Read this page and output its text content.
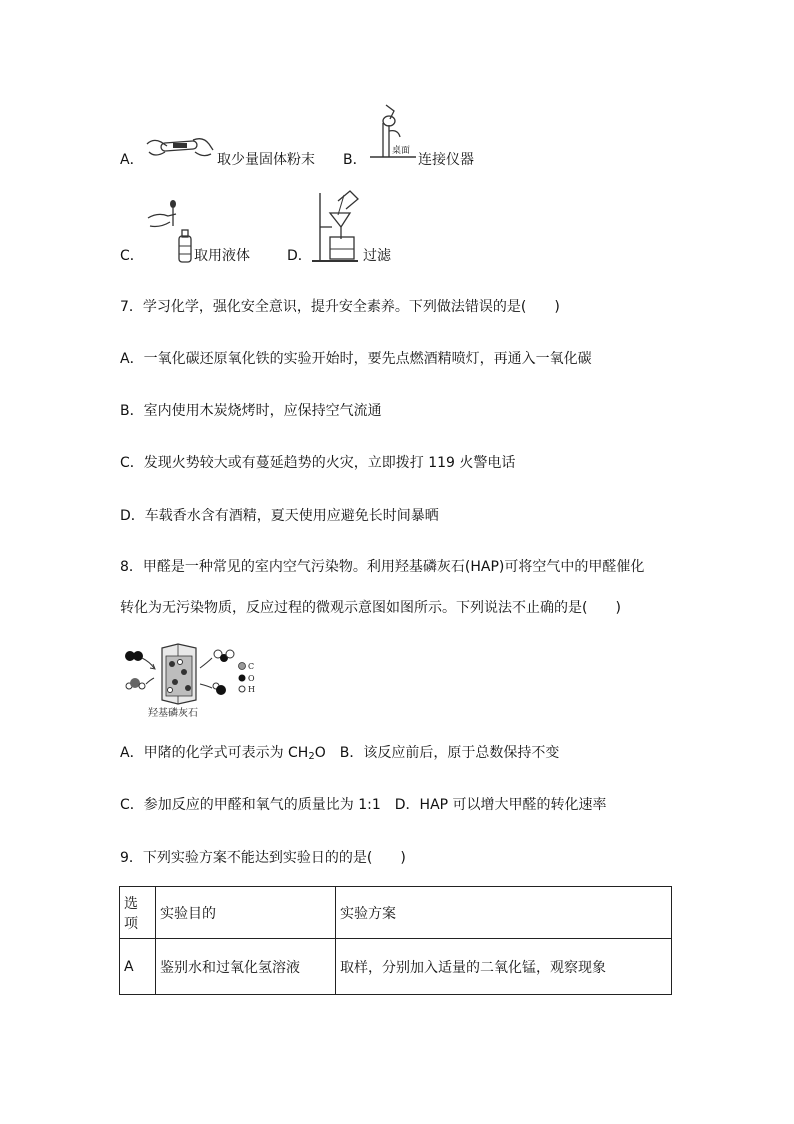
A．	取少量固体粉末 B．
桌面
连接仪器
C．	取用液体	D．	过滤
7．学习化学，强化安全意识，提升安全素养。下列做法错误的是(　　)
A．一氧化碳还原氧化铁的实验开始时，要先点燃酒精喷灯，再通入一氧化碳
B．室内使用木炭烧烤时，应保持空气流通
C．发现火势较大或有蔓延趋势的火灾，立即拨打 119 火警电话
D．车载香水含有酒精，夏天使用应避免长时间暴晒
8．甲醛是一种常见的室内空气污染物。利用羟基磷灰石(HAP)可将空气中的甲醛催化
转化为无污染物质，反应过程的微观示意图如图所示。下列说法不止确的是(　　)
C
O
H
羟基磷灰石
A．甲陼的化学式可表示为 $CH_2O$　B．该反应前后，原于总数保持不变
C．参加反应的甲醛和氧气的质量比为 1:1　D．HAP 可以增大甲醛的转化速率
9．下列实验方案不能达到实验日的的是(　　)
选项	实验目的	实验方案
A	鉴别水和过氧化氢溶液	取样，分别加入适量的二氧化锰，观察现象
